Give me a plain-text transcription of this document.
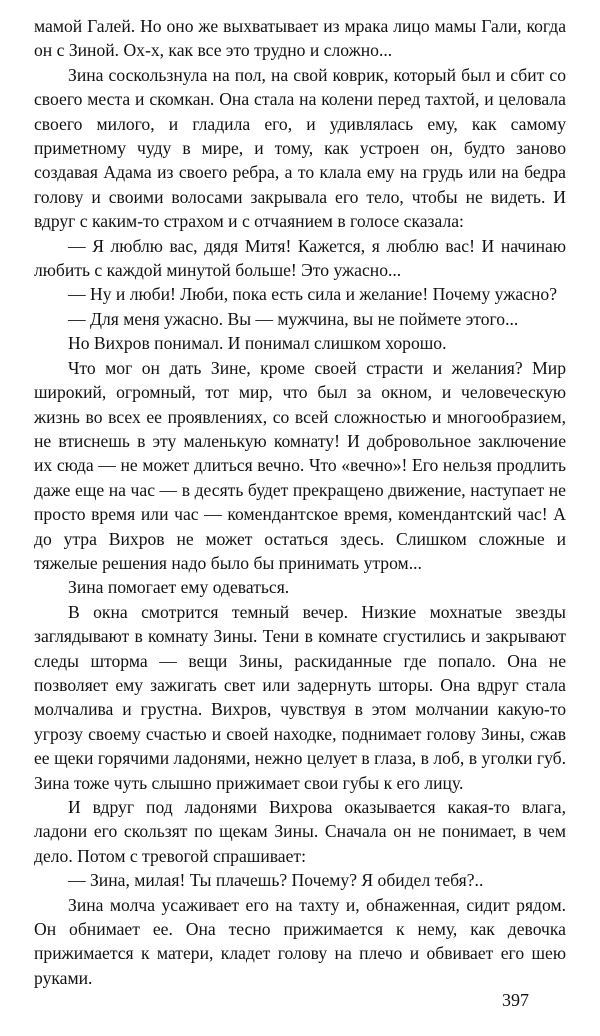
мамой Галей. Но оно же выхватывает из мрака лицо мамы Гали, когда он с Зиной. Ох-х, как все это трудно и сложно...

Зина соскользнула на пол, на свой коврик, который был и сбит со своего места и скомкан. Она стала на колени перед тахтой, и целовала своего милого, и гладила его, и удивлялась ему, как самому приметному чуду в мире, и тому, как устроен он, будто заново создавая Адама из своего ребра, а то клала ему на грудь или на бедра голову и своими волосами закрывала его тело, чтобы не видеть. И вдруг с каким-то страхом и с отчаянием в голосе сказала:

— Я люблю вас, дядя Митя! Кажется, я люблю вас! И начинаю любить с каждой минутой больше! Это ужасно...

— Ну и люби! Люби, пока есть сила и желание! Почему ужасно?

— Для меня ужасно. Вы — мужчина, вы не поймете этого...

Но Вихров понимал. И понимал слишком хорошо.

Что мог он дать Зине, кроме своей страсти и желания? Мир широкий, огромный, тот мир, что был за окном, и человеческую жизнь во всех ее проявлениях, со всей сложностью и многообразием, не втиснешь в эту маленькую комнату! И добровольное заключение их сюда — не может длиться вечно. Что «вечно»! Его нельзя продлить даже еще на час — в десять будет прекращено движение, наступает не просто время или час — комендантское время, комендантский час! А до утра Вихров не может остаться здесь. Слишком сложные и тяжелые решения надо было бы принимать утром...

Зина помогает ему одеваться.

В окна смотрится темный вечер. Низкие мохнатые звезды заглядывают в комнату Зины. Тени в комнате сгустились и закрывают следы шторма — вещи Зины, раскиданные где попало. Она не позволяет ему зажигать свет или задернуть шторы. Она вдруг стала молчалива и грустна. Вихров, чувствуя в этом молчании какую-то угрозу своему счастью и своей находке, поднимает голову Зины, сжав ее щеки горячими ладонями, нежно целует в глаза, в лоб, в уголки губ. Зина тоже чуть слышно прижимает свои губы к его лицу.

И вдруг под ладонями Вихрова оказывается какая-то влага, ладони его скользят по щекам Зины. Сначала он не понимает, в чем дело. Потом с тревогой спрашивает:

— Зина, милая! Ты плачешь? Почему? Я обидел тебя?..

Зина молча усаживает его на тахту и, обнаженная, сидит рядом. Он обнимает ее. Она тесно прижимается к нему, как девочка прижимается к матери, кладет голову на плечо и обвивает его шею руками.

397
